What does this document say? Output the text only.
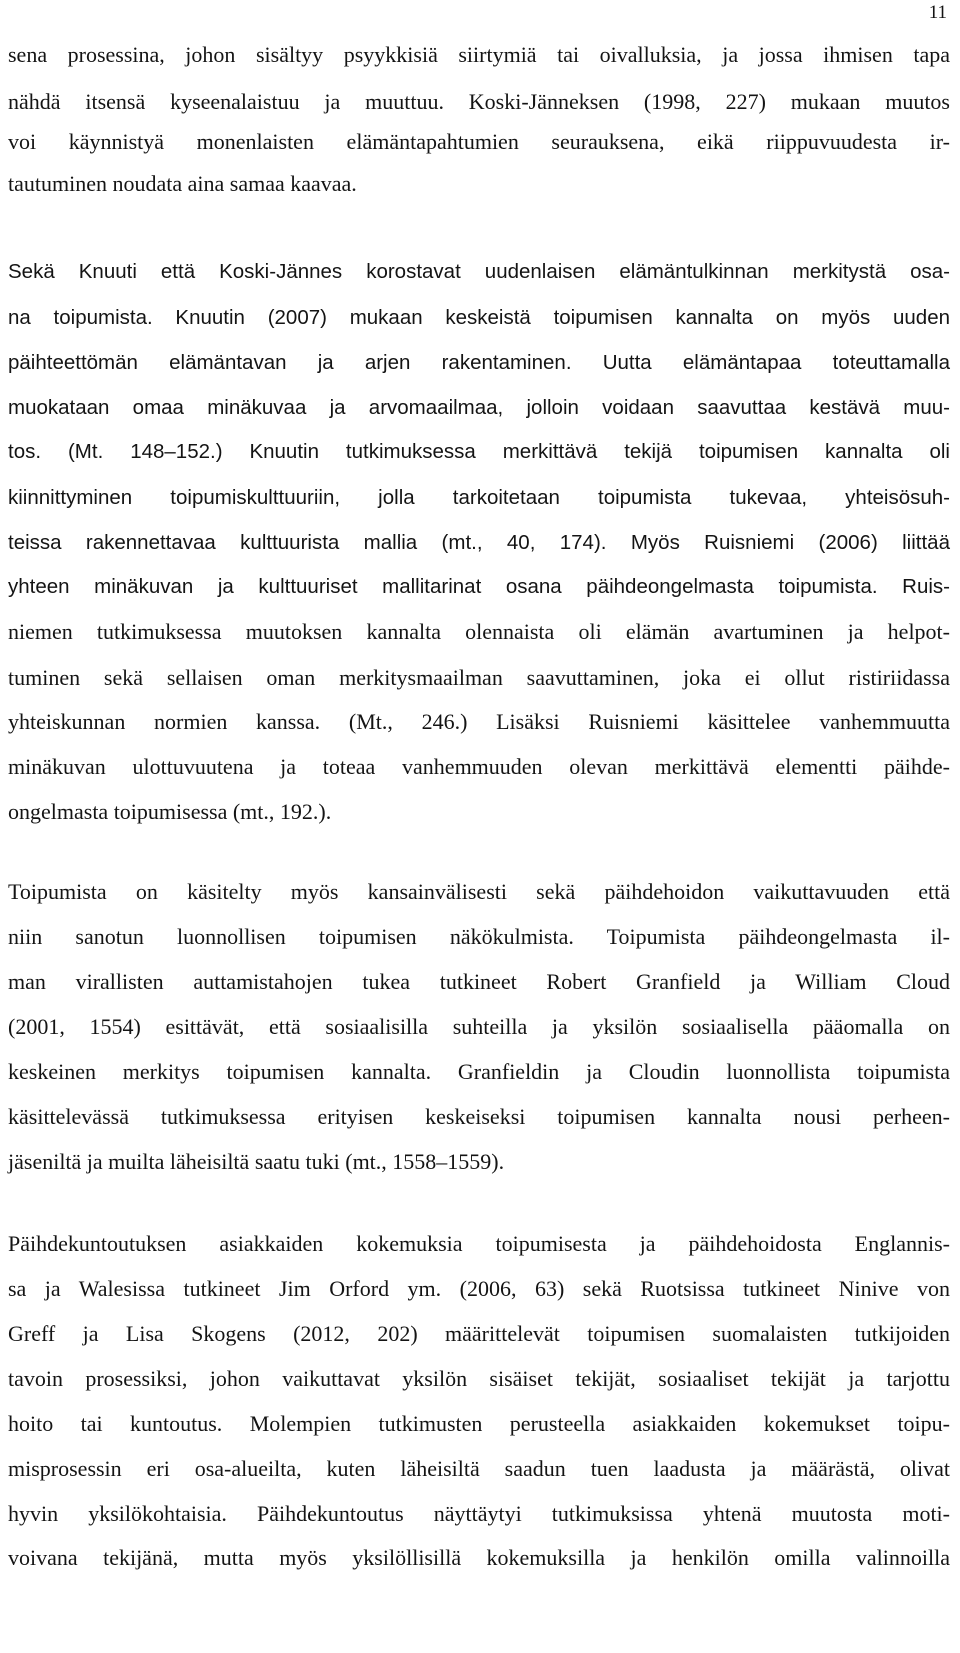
11
sena prosessina, johon sisältyy psyykkisiä siirtymiä tai oivalluksia, ja jossa ihmisen tapa
nähdä itsensä kyseenalaistuu ja muuttuu. Koski-Jänneksen (1998, 227) mukaan muutos
voi käynnistyä monenlaisten elämäntapahtumien seurauksena, eikä riippuvuudesta ir-
tautuminen noudata aina samaa kaavaa.
Sekä Knuuti että Koski-Jännes korostavat uudenlaisen elämäntulkinnan merkitystä osa-
na toipumista. Knuutin (2007) mukaan keskeistä toipumisen kannalta on myös uuden
päihteettömän elämäntavan ja arjen rakentaminen. Uutta elämäntapaa toteuttamalla
muokataan omaa minäkuvaa ja arvomaailmaa, jolloin voidaan saavuttaa kestävä muu-
tos. (Mt. 148–152.) Knuutin tutkimuksessa merkittävä tekijä toipumisen kannalta oli
kiinnittyminen toipumiskulttuuriin, jolla tarkoitetaan toipumista tukevaa, yhteisösuh-
teissa rakennettavaa kulttuurista mallia (mt., 40, 174). Myös Ruisniemi (2006) liittää
yhteen minäkuvan ja kulttuuriset mallitarinat osana päihdeongelmasta toipumista. Ruis-
niemen tutkimuksessa muutoksen kannalta olennaista oli elämän avartuminen ja helpot-
tuminen sekä sellaisen oman merkitysmaailman saavuttaminen, joka ei ollut ristiriidassa
yhteiskunnan normien kanssa. (Mt., 246.) Lisäksi Ruisniemi käsittelee vanhemmuutta
minäkuvan ulottuvuutena ja toteaa vanhemmuuden olevan merkittävä elementti päihde-
ongelmasta toipumisessa (mt., 192.).
Toipumista on käsitelty myös kansainvälisesti sekä päihdehoidon vaikuttavuuden että
niin sanotun luonnollisen toipumisen näkökulmista. Toipumista päihdeongelmasta il-
man virallisten auttamistahojen tukea tutkineet Robert Granfield ja William Cloud
(2001, 1554) esittävät, että sosiaalisilla suhteilla ja yksilön sosiaalisella pääomalla on
keskeinen merkitys toipumisen kannalta. Granfieldin ja Cloudin luonnollista toipumista
käsittelevässä tutkimuksessa erityisen keskeiseksi toipumisen kannalta nousi perheen-
jäseniltä ja muilta läheisiltä saatu tuki (mt., 1558–1559).
Päihdekuntoutuksen asiakkaiden kokemuksia toipumisesta ja päihdehoidosta Englannis-
sa ja Walesissa tutkineet Jim Orford ym. (2006, 63) sekä Ruotsissa tutkineet Ninive von
Greff ja Lisa Skogens (2012, 202) määrittelevät toipumisen suomalaisten tutkijoiden
tavoin prosessiksi, johon vaikuttavat yksilön sisäiset tekijät, sosiaaliset tekijät ja tarjottu
hoito tai kuntoutus. Molempien tutkimusten perusteella asiakkaiden kokemukset toipu-
misprosessin eri osa-alueilta, kuten läheisiltä saadun tuen laadusta ja määrästä, olivat
hyvin yksilökohtaisia. Päihdekuntoutus näyttäytyi tutkimuksissa yhtenä muutosta moti-
voivana tekijänä, mutta myös yksilöllisillä kokemuksilla ja henkilön omilla valinnoilla
